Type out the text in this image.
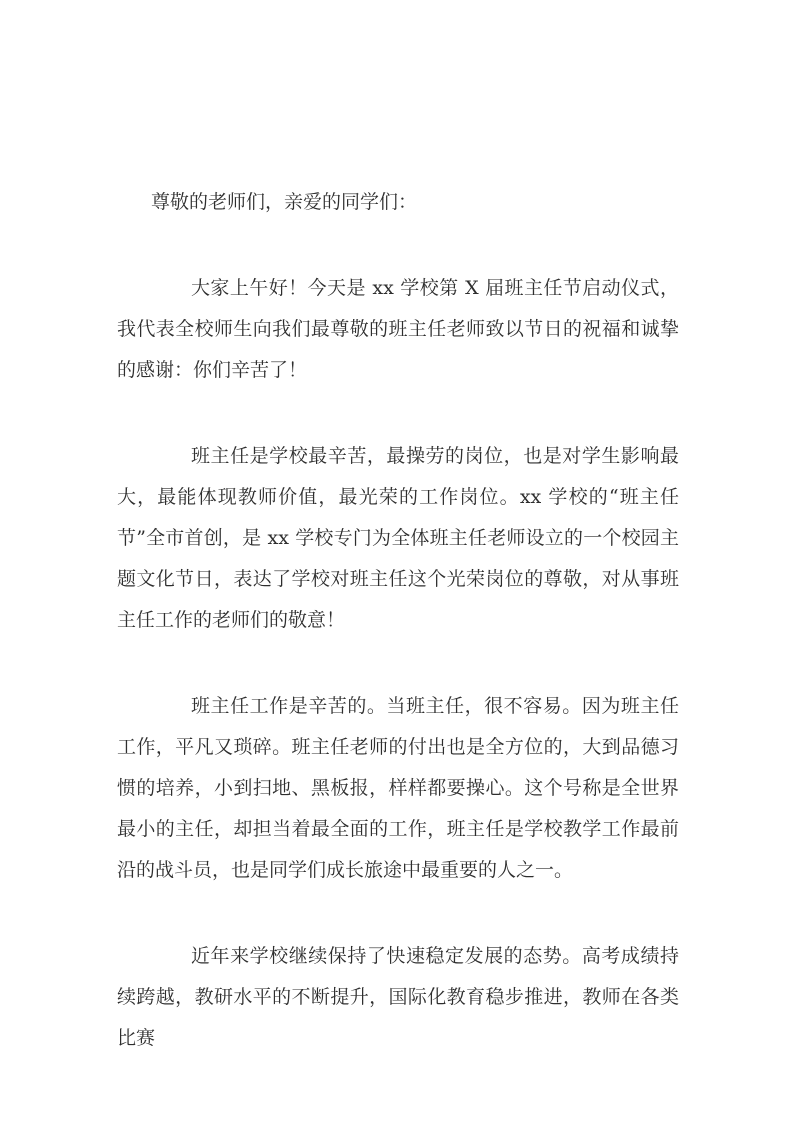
尊敬的老师们，亲爱的同学们：

大家上午好！今天是 xx 学校第 X 届班主任节启动仪式，我代表全校师生向我们最尊敬的班主任老师致以节日的祝福和诚挚的感谢：你们辛苦了！

班主任是学校最辛苦，最操劳的岗位，也是对学生影响最大，最能体现教师价值，最光荣的工作岗位。xx 学校的“班主任节”全市首创，是 xx 学校专门为全体班主任老师设立的一个校园主题文化节日，表达了学校对班主任这个光荣岗位的尊敬，对从事班主任工作的老师们的敬意！

班主任工作是辛苦的。当班主任，很不容易。因为班主任工作，平凡又琐碎。班主任老师的付出也是全方位的，大到品德习惯的培养，小到扫地、黑板报，样样都要操心。这个号称是全世界最小的主任，却担当着最全面的工作，班主任是学校教学工作最前沿的战斗员，也是同学们成长旅途中最重要的人之一。

近年来学校继续保持了快速稳定发展的态势。高考成绩持续跨越，教研水平的不断提升，国际化教育稳步推进，教师在各类比赛
